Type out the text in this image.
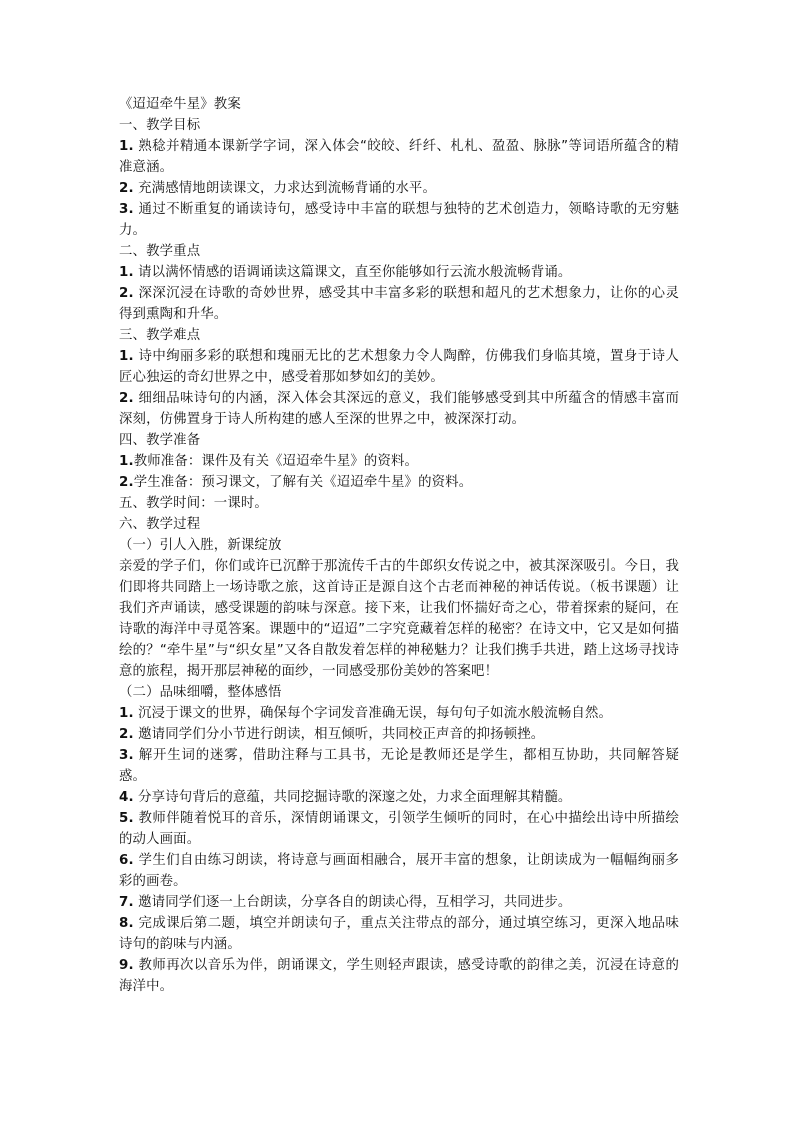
《迢迢牵牛星》教案

一、教学目标

1. 熟稔并精通本课新学字词，深入体会“皎皎、纤纤、札札、盈盈、脉脉”等词语所蕴含的精准意涵。

2. 充满感情地朗读课文，力求达到流畅背诵的水平。

3. 通过不断重复的诵读诗句，感受诗中丰富的联想与独特的艺术创造力，领略诗歌的无穷魅力。

二、教学重点

1. 请以满怀情感的语调诵读这篇课文，直至你能够如行云流水般流畅背诵。

2. 深深沉浸在诗歌的奇妙世界，感受其中丰富多彩的联想和超凡的艺术想象力，让你的心灵得到熏陶和升华。

三、教学难点

1. 诗中绚丽多彩的联想和瑰丽无比的艺术想象力令人陶醉，仿佛我们身临其境，置身于诗人匠心独运的奇幻世界之中，感受着那如梦如幻的美妙。

2. 细细品味诗句的内涵，深入体会其深远的意义，我们能够感受到其中所蕴含的情感丰富而深刻，仿佛置身于诗人所构建的感人至深的世界之中，被深深打动。

四、教学准备

1.教师准备：课件及有关《迢迢牵牛星》的资料。

2.学生准备：预习课文，了解有关《迢迢牵牛星》的资料。

五、教学时间：一课时。

六、教学过程

（一）引人入胜，新课绽放

亲爱的学子们，你们或许已沉醉于那流传千古的牛郎织女传说之中，被其深深吸引。今日，我们即将共同踏上一场诗歌之旅，这首诗正是源自这个古老而神秘的神话传说。（板书课题）让我们齐声诵读，感受课题的韵味与深意。接下来，让我们怀揣好奇之心，带着探索的疑问，在诗歌的海洋中寻觅答案。课题中的“迢迢”二字究竟藏着怎样的秘密？在诗文中，它又是如何描绘的？“牵牛星”与“织女星”又各自散发着怎样的神秘魅力？让我们携手共进，踏上这场寻找诗意的旅程，揭开那层神秘的面纱，一同感受那份美妙的答案吧！

（二）品味细嚼，整体感悟

1. 沉浸于课文的世界，确保每个字词发音准确无误，每句句子如流水般流畅自然。

2. 邀请同学们分小节进行朗读，相互倾听，共同校正声音的抑扬顿挫。

3. 解开生词的迷雾，借助注释与工具书，无论是教师还是学生，都相互协助，共同解答疑惑。

4. 分享诗句背后的意蕴，共同挖掘诗歌的深邃之处，力求全面理解其精髓。

5. 教师伴随着悦耳的音乐，深情朗诵课文，引领学生倾听的同时，在心中描绘出诗中所描绘的动人画面。

6. 学生们自由练习朗读，将诗意与画面相融合，展开丰富的想象，让朗读成为一幅幅绚丽多彩的画卷。

7. 邀请同学们逐一上台朗读，分享各自的朗读心得，互相学习，共同进步。

8. 完成课后第二题，填空并朗读句子，重点关注带点的部分，通过填空练习，更深入地品味诗句的韵味与内涵。

9. 教师再次以音乐为伴，朗诵课文，学生则轻声跟读，感受诗歌的韵律之美，沉浸在诗意的海洋中。
